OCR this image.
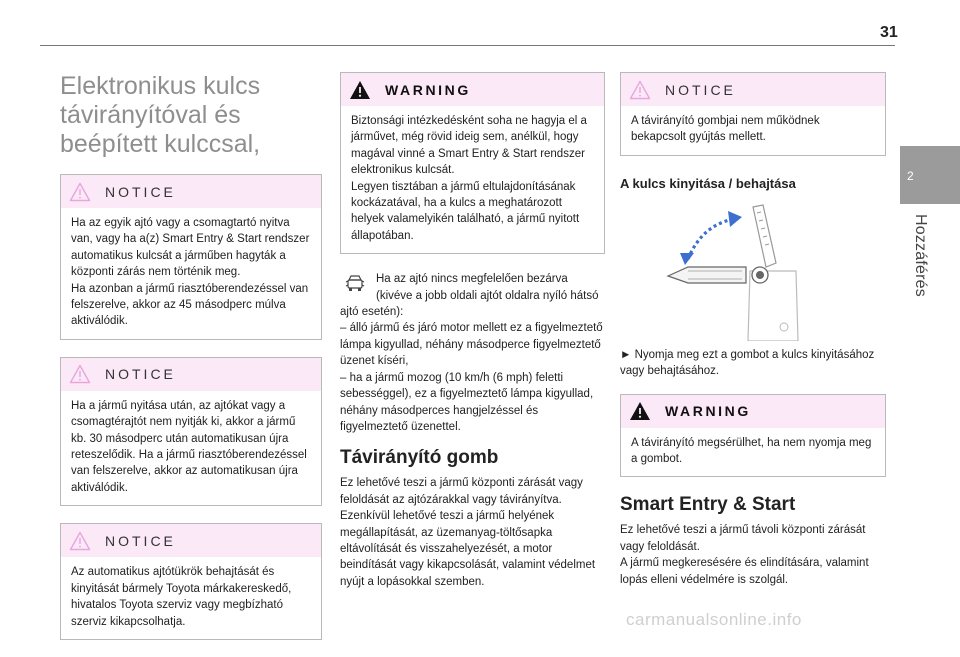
31
2
Hozzáférés
Elektronikus kulcs távirányítóval és beépített kulccsal,
NOTICE
Ha az egyik ajtó vagy a csomagtartó nyitva van, vagy ha a(z) Smart Entry & Start rendszer automatikus kulcsát a járműben hagyták a központi zárás nem történik meg.
Ha azonban a jármű riasztóberendezéssel van felszerelve, akkor az 45 másodperc múlva aktiválódik.
NOTICE
Ha a jármű nyitása után, az ajtókat vagy a csomagtérajtót nem nyitják ki, akkor a jármű kb. 30 másodperc után automatikusan újra reteszelődik. Ha a jármű riasztóberendezéssel van felszerelve, akkor az automatikusan újra aktiválódik.
NOTICE
Az automatikus ajtótükrök behajtását és kinyitását bármely Toyota márkakereskedő, hivatalos Toyota szerviz vagy megbízható szerviz kikapcsolhatja.
WARNING
Biztonsági intézkedésként soha ne hagyja el a járművet, még rövid ideig sem, anélkül, hogy magával vinné a Smart Entry & Start rendszer elektronikus kulcsát.
Legyen tisztában a jármű eltulajdonításának kockázatával, ha a kulcs a meghatározott helyek valamelyikén található, a jármű nyitott állapotában.
Ha az ajtó nincs megfelelően bezárva (kivéve a jobb oldali ajtót oldalra nyíló hátsó ajtó esetén):
– álló jármű és járó motor mellett ez a figyelmeztető lámpa kigyullad, néhány másodperce figyelmeztető üzenet kíséri,
– ha a jármű mozog (10 km/h (6 mph) feletti sebességgel), ez a figyelmeztető lámpa kigyullad, néhány másodperces hangjelzéssel és figyelmeztető üzenettel.
Távirányító gomb
Ez lehetővé teszi a jármű központi zárását vagy feloldását az ajtózárakkal vagy távirányítva.
Ezenkívül lehetővé teszi a jármű helyének megállapítását, az üzemanyag-töltősapka eltávolítását és visszahelyezését, a motor beindítását vagy kikapcsolását, valamint védelmet nyújt a lopásokkal szemben.
NOTICE
A távirányító gombjai nem működnek bekapcsolt gyújtás mellett.
A kulcs kinyitása / behajtása
► Nyomja meg ezt a gombot a kulcs kinyitásához vagy behajtásához.
WARNING
A távirányító megsérülhet, ha nem nyomja meg a gombot.
Smart Entry & Start
Ez lehetővé teszi a jármű távoli központi zárását vagy feloldását.
A jármű megkeresésére és elindítására, valamint lopás elleni védelmére is szolgál.
carmanualsonline.info
